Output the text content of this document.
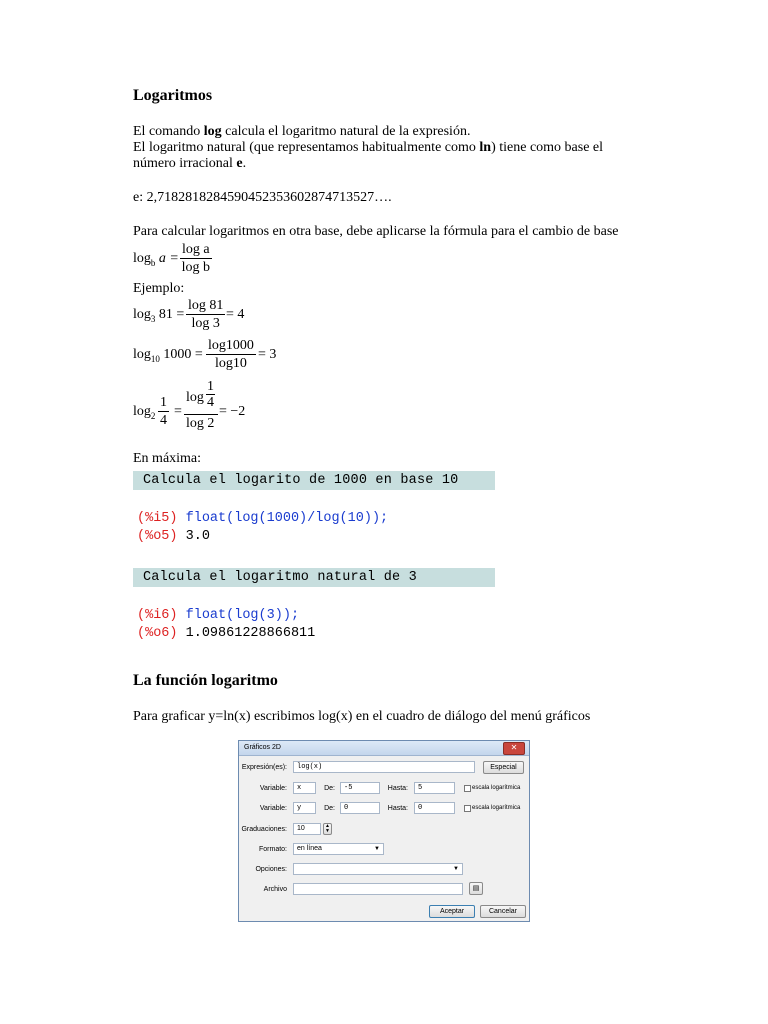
Logaritmos
El comando log calcula el logaritmo natural de la expresión.
El logaritmo natural (que representamos habitualmente como ln) tiene como base el
número irracional e.
e: 2,71828182845904523536028747135​27….
Para calcular logaritmos en otra base, debe aplicarse la fórmula para el cambio de base
$\log_b a = \frac{\text{log a}}{\text{log b}}$
Ejemplo:
$\log_3 81 = \frac{\log 81}{\log 3} = 4$
$\log_{10} 1000 = \frac{\log 1000}{\log 10} = 3$
$\log_2 \frac{1}{4}$ =
log
1
4
log 2
= −2
En máxima:
Calcula el logarito de 1000 en base 10
(%i5) float(log(1000)/log(10));
(%o5) 3.0
Calcula el logaritmo natural de 3
(%i6) float(log(3));
(%o6) 1.09861228866811
La función logaritmo
Para graficar y=ln(x) escribimos log(x) en el cuadro de diálogo del menú gráficos
Gráficos 2D	✕
Expresión(es):	log(x)	Especial
Variable:	x	De:	-5	Hasta:	5	escala logarítmica
Variable:	y	De:	0	Hasta:	0	escala logarítmica
Graduaciones:	10	▲
▼
Formato:	en línea	▼
Opciones:	▼
Archivo	▤
Aceptar	Cancelar
